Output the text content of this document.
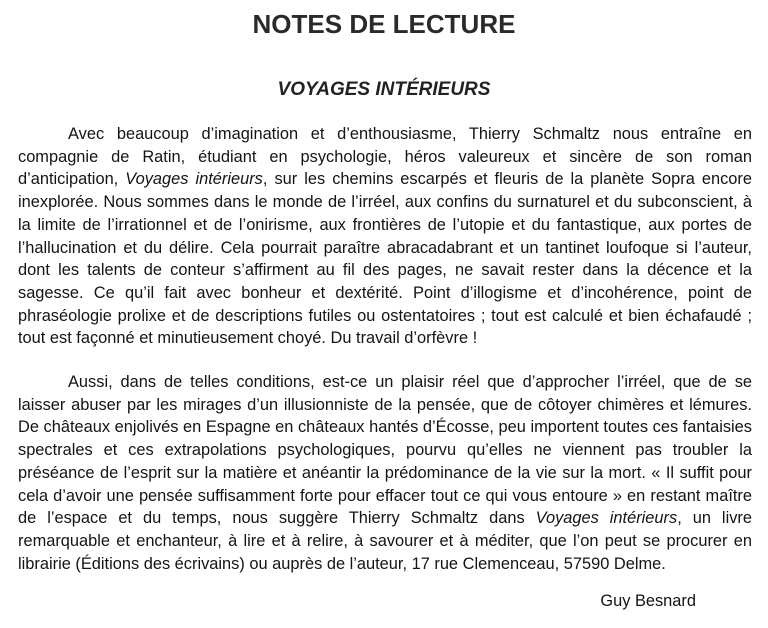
NOTES DE LECTURE
VOYAGES INTÉRIEURS

Avec beaucoup d’imagination et d’enthousiasme, Thierry Schmaltz nous entraîne en compagnie de Ratin, étudiant en psychologie, héros valeureux et sincère de son roman d’anticipation, Voyages intérieurs, sur les chemins escarpés et fleuris de la planète Sopra encore inexplorée. Nous sommes dans le monde de l’irréel, aux confins du surnaturel et du subconscient, à la limite de l’irrationnel et de l’onirisme, aux frontières de l’utopie et du fantastique, aux portes de l’hallucination et du délire. Cela pourrait paraître abracadabrant et un tantinet loufoque si l’auteur, dont les talents de conteur s’affirment au fil des pages, ne savait rester dans la décence et la sagesse. Ce qu’il fait avec bonheur et dextérité. Point d’illogisme et d’incohérence, point de phraséologie prolixe et de descriptions futiles ou ostentatoires ; tout est calculé et bien échafaudé ; tout est façonné et minutieusement choyé. Du travail d’orfèvre !

Aussi, dans de telles conditions, est-ce un plaisir réel que d’approcher l’irréel, que de se laisser abuser par les mirages d’un illusionniste de la pensée, que de côtoyer chimères et lémures. De châteaux enjolivés en Espagne en châteaux hantés d’Écosse, peu importent toutes ces fantaisies spectrales et ces extrapolations psychologiques, pourvu qu’elles ne viennent pas troubler la préséance de l’esprit sur la matière et anéantir la prédominance de la vie sur la mort. « Il suffit pour cela d’avoir une pensée suffisamment forte pour effacer tout ce qui vous entoure » en restant maître de l’espace et du temps, nous suggère Thierry Schmaltz dans Voyages intérieurs, un livre remarquable et enchanteur, à lire et à relire, à savourer et à méditer, que l’on peut se procurer en librairie (Éditions des écrivains) ou auprès de l’auteur, 17 rue Clemenceau, 57590 Delme.

Guy Besnard
